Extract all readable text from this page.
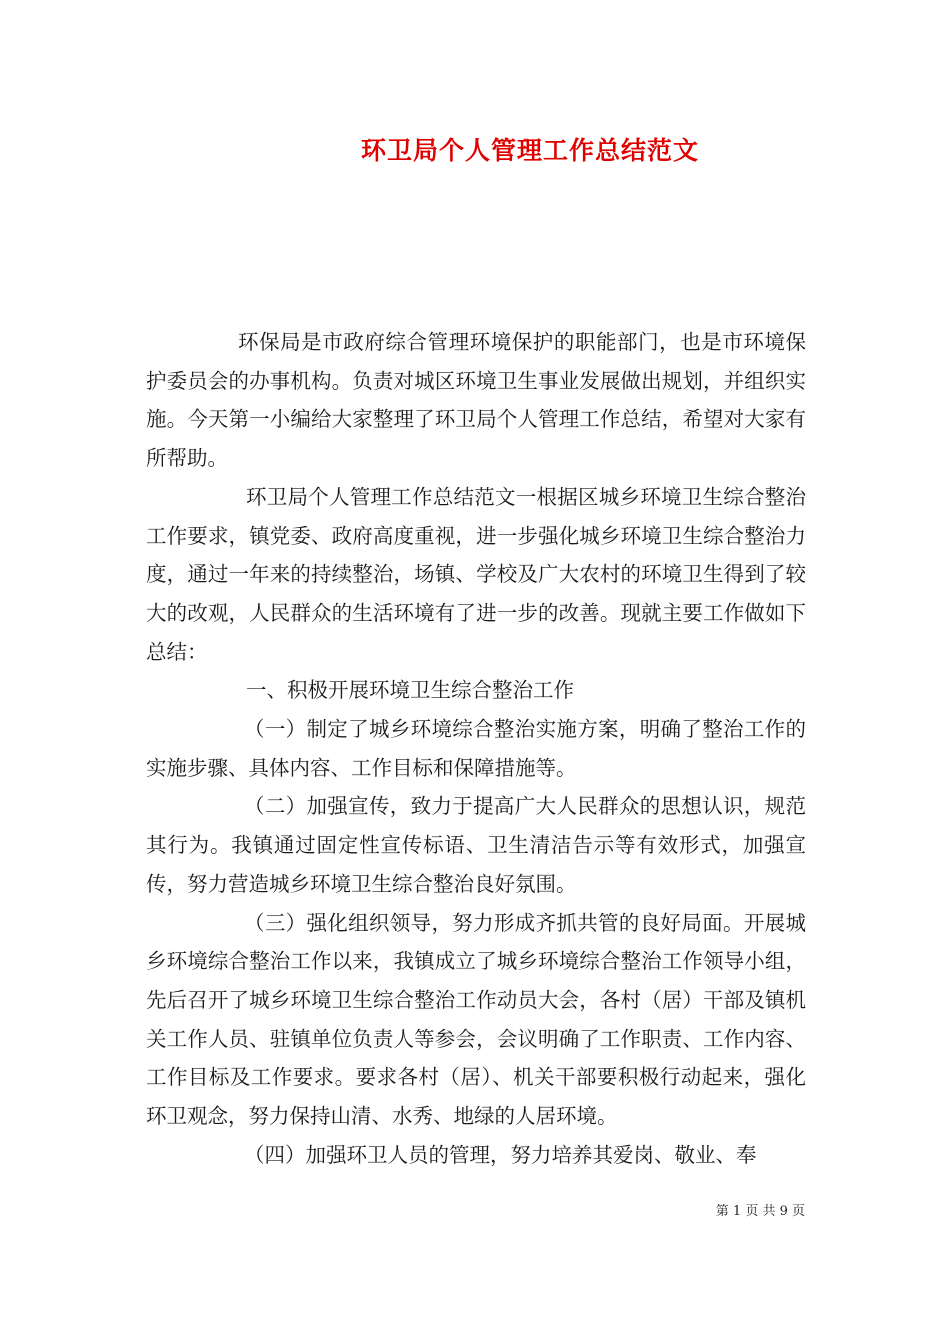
环卫局个人管理工作总结范文

环保局是市政府综合管理环境保护的职能部门，也是市环境保护委员会的办事机构。负责对城区环境卫生事业发展做出规划，并组织实施。今天第一小编给大家整理了环卫局个人管理工作总结，希望对大家有所帮助。

环卫局个人管理工作总结范文一根据区城乡环境卫生综合整治工作要求，镇党委、政府高度重视，进一步强化城乡环境卫生综合整治力度，通过一年来的持续整治，场镇、学校及广大农村的环境卫生得到了较大的改观，人民群众的生活环境有了进一步的改善。现就主要工作做如下总结：

一、积极开展环境卫生综合整治工作

（一）制定了城乡环境综合整治实施方案，明确了整治工作的实施步骤、具体内容、工作目标和保障措施等。

（二）加强宣传，致力于提高广大人民群众的思想认识，规范其行为。我镇通过固定性宣传标语、卫生清洁告示等有效形式，加强宣传，努力营造城乡环境卫生综合整治良好氛围。

（三）强化组织领导，努力形成齐抓共管的良好局面。开展城乡环境综合整治工作以来，我镇成立了城乡环境综合整治工作领导小组，先后召开了城乡环境卫生综合整治工作动员大会，各村（居）干部及镇机关工作人员、驻镇单位负责人等参会，会议明确了工作职责、工作内容、工作目标及工作要求。要求各村（居）、机关干部要积极行动起来，强化环卫观念，努力保持山清、水秀、地绿的人居环境。

（四）加强环卫人员的管理，努力培养其爱岗、敬业、奉

第 1 页 共 9 页
